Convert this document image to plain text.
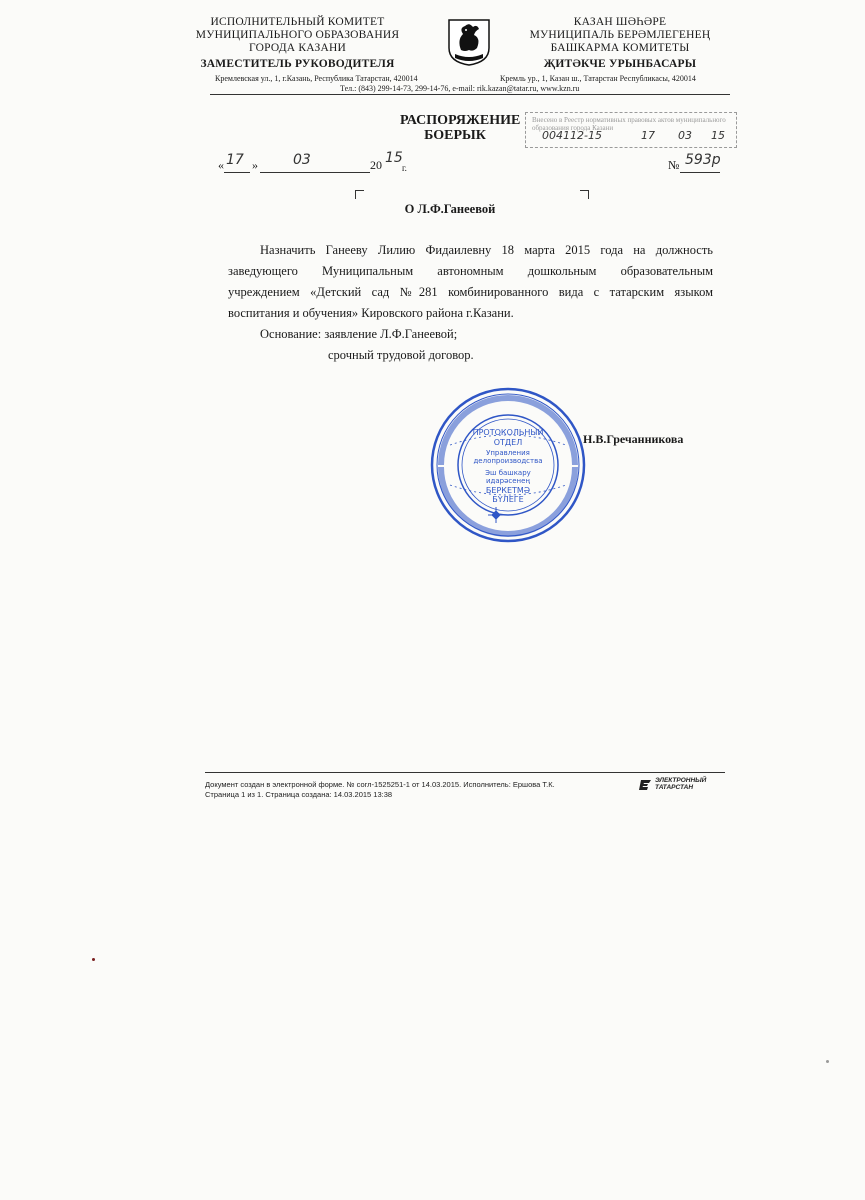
ИСПОЛНИТЕЛЬНЫЙ КОМИТЕТ
МУНИЦИПАЛЬНОГО ОБРАЗОВАНИЯ
ГОРОДА КАЗАНИ
ЗАМЕСТИТЕЛЬ РУКОВОДИТЕЛЯ
КАЗАН ШӘҺӘРЕ
МУНИЦИПАЛЬ БЕРӘМЛЕГЕНЕҢ
БАШКАРМА КОМИТЕТЫ
ҖИТӘКЧЕ УРЫНБАСАРЫ
Кремлевская ул., 1, г.Казань, Республика Татарстан, 420014	Кремль ур., 1, Казан ш., Татарстан Республикасы, 420014
Тел.: (843) 299-14-73, 299-14-76, e-mail: rik.kazan@tatar.ru, www.kzn.ru
РАСПОРЯЖЕНИЕ
БОЕРЫК
Внесено в Реестр нормативных правовых актов муниципального образования города Казани
004112-15	17 03 15
« 17 »	03	20 15
г.	№ 593р
О Л.Ф.Ганеевой

Назначить Ганееву Лилию Фидаилевну 18 марта 2015 года на должность

заведующего Муниципальным автономным дошкольным образовательным

учреждением «Детский сад №281 комбинированного вида с татарским языком

воспитания и обучения» Кировского района г.Казани.

Основание: заявление Л.Ф.Ганеевой;

срочный трудовой договор.

ПРОТОКОЛЬНЫЙ
ОТДЕЛ
Управления
делопроизводства
Эш башкару
идарәсенең
БЕРКЕТМӘ
БҮЛЕГЕ
Н.В.Гречанникова
Документ создан в электронной форме. № согл-1525251-1 от 14.03.2015. Исполнитель: Ершова Т.К.
Страница 1 из 1. Страница создана: 14.03.2015 13:38
ЭЛЕКТРОННЫЙ
ТАТАРСТАН
